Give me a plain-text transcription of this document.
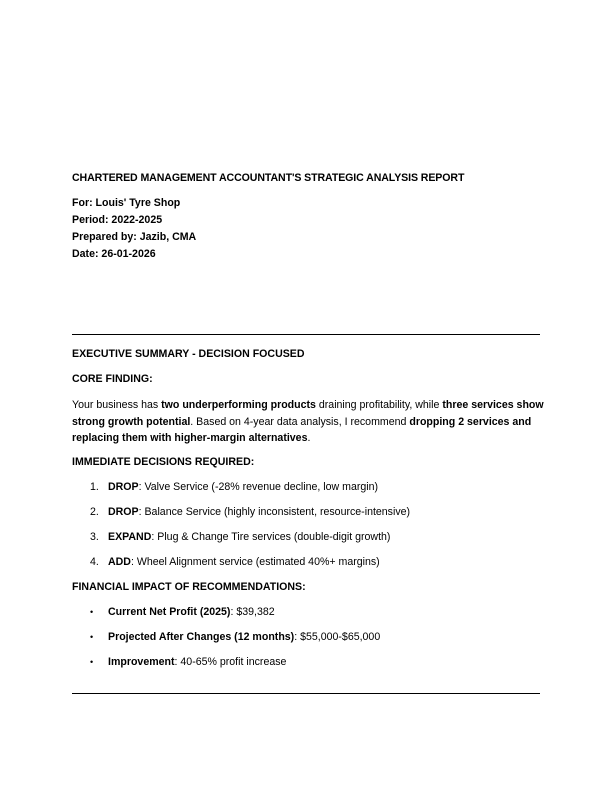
CHARTERED MANAGEMENT ACCOUNTANT'S STRATEGIC ANALYSIS REPORT
For: Louis' Tyre Shop
Period: 2022-2025
Prepared by: Jazib, CMA
Date: 26-01-2026
EXECUTIVE SUMMARY - DECISION FOCUSED
CORE FINDING:
Your business has two underperforming products draining profitability, while three services show strong growth potential. Based on 4-year data analysis, I recommend dropping 2 services and replacing them with higher-margin alternatives.
IMMEDIATE DECISIONS REQUIRED:
1. DROP: Valve Service (-28% revenue decline, low margin)
2. DROP: Balance Service (highly inconsistent, resource-intensive)
3. EXPAND: Plug & Change Tire services (double-digit growth)
4. ADD: Wheel Alignment service (estimated 40%+ margins)
FINANCIAL IMPACT OF RECOMMENDATIONS:
• Current Net Profit (2025): $39,382
• Projected After Changes (12 months): $55,000-$65,000
• Improvement: 40-65% profit increase
